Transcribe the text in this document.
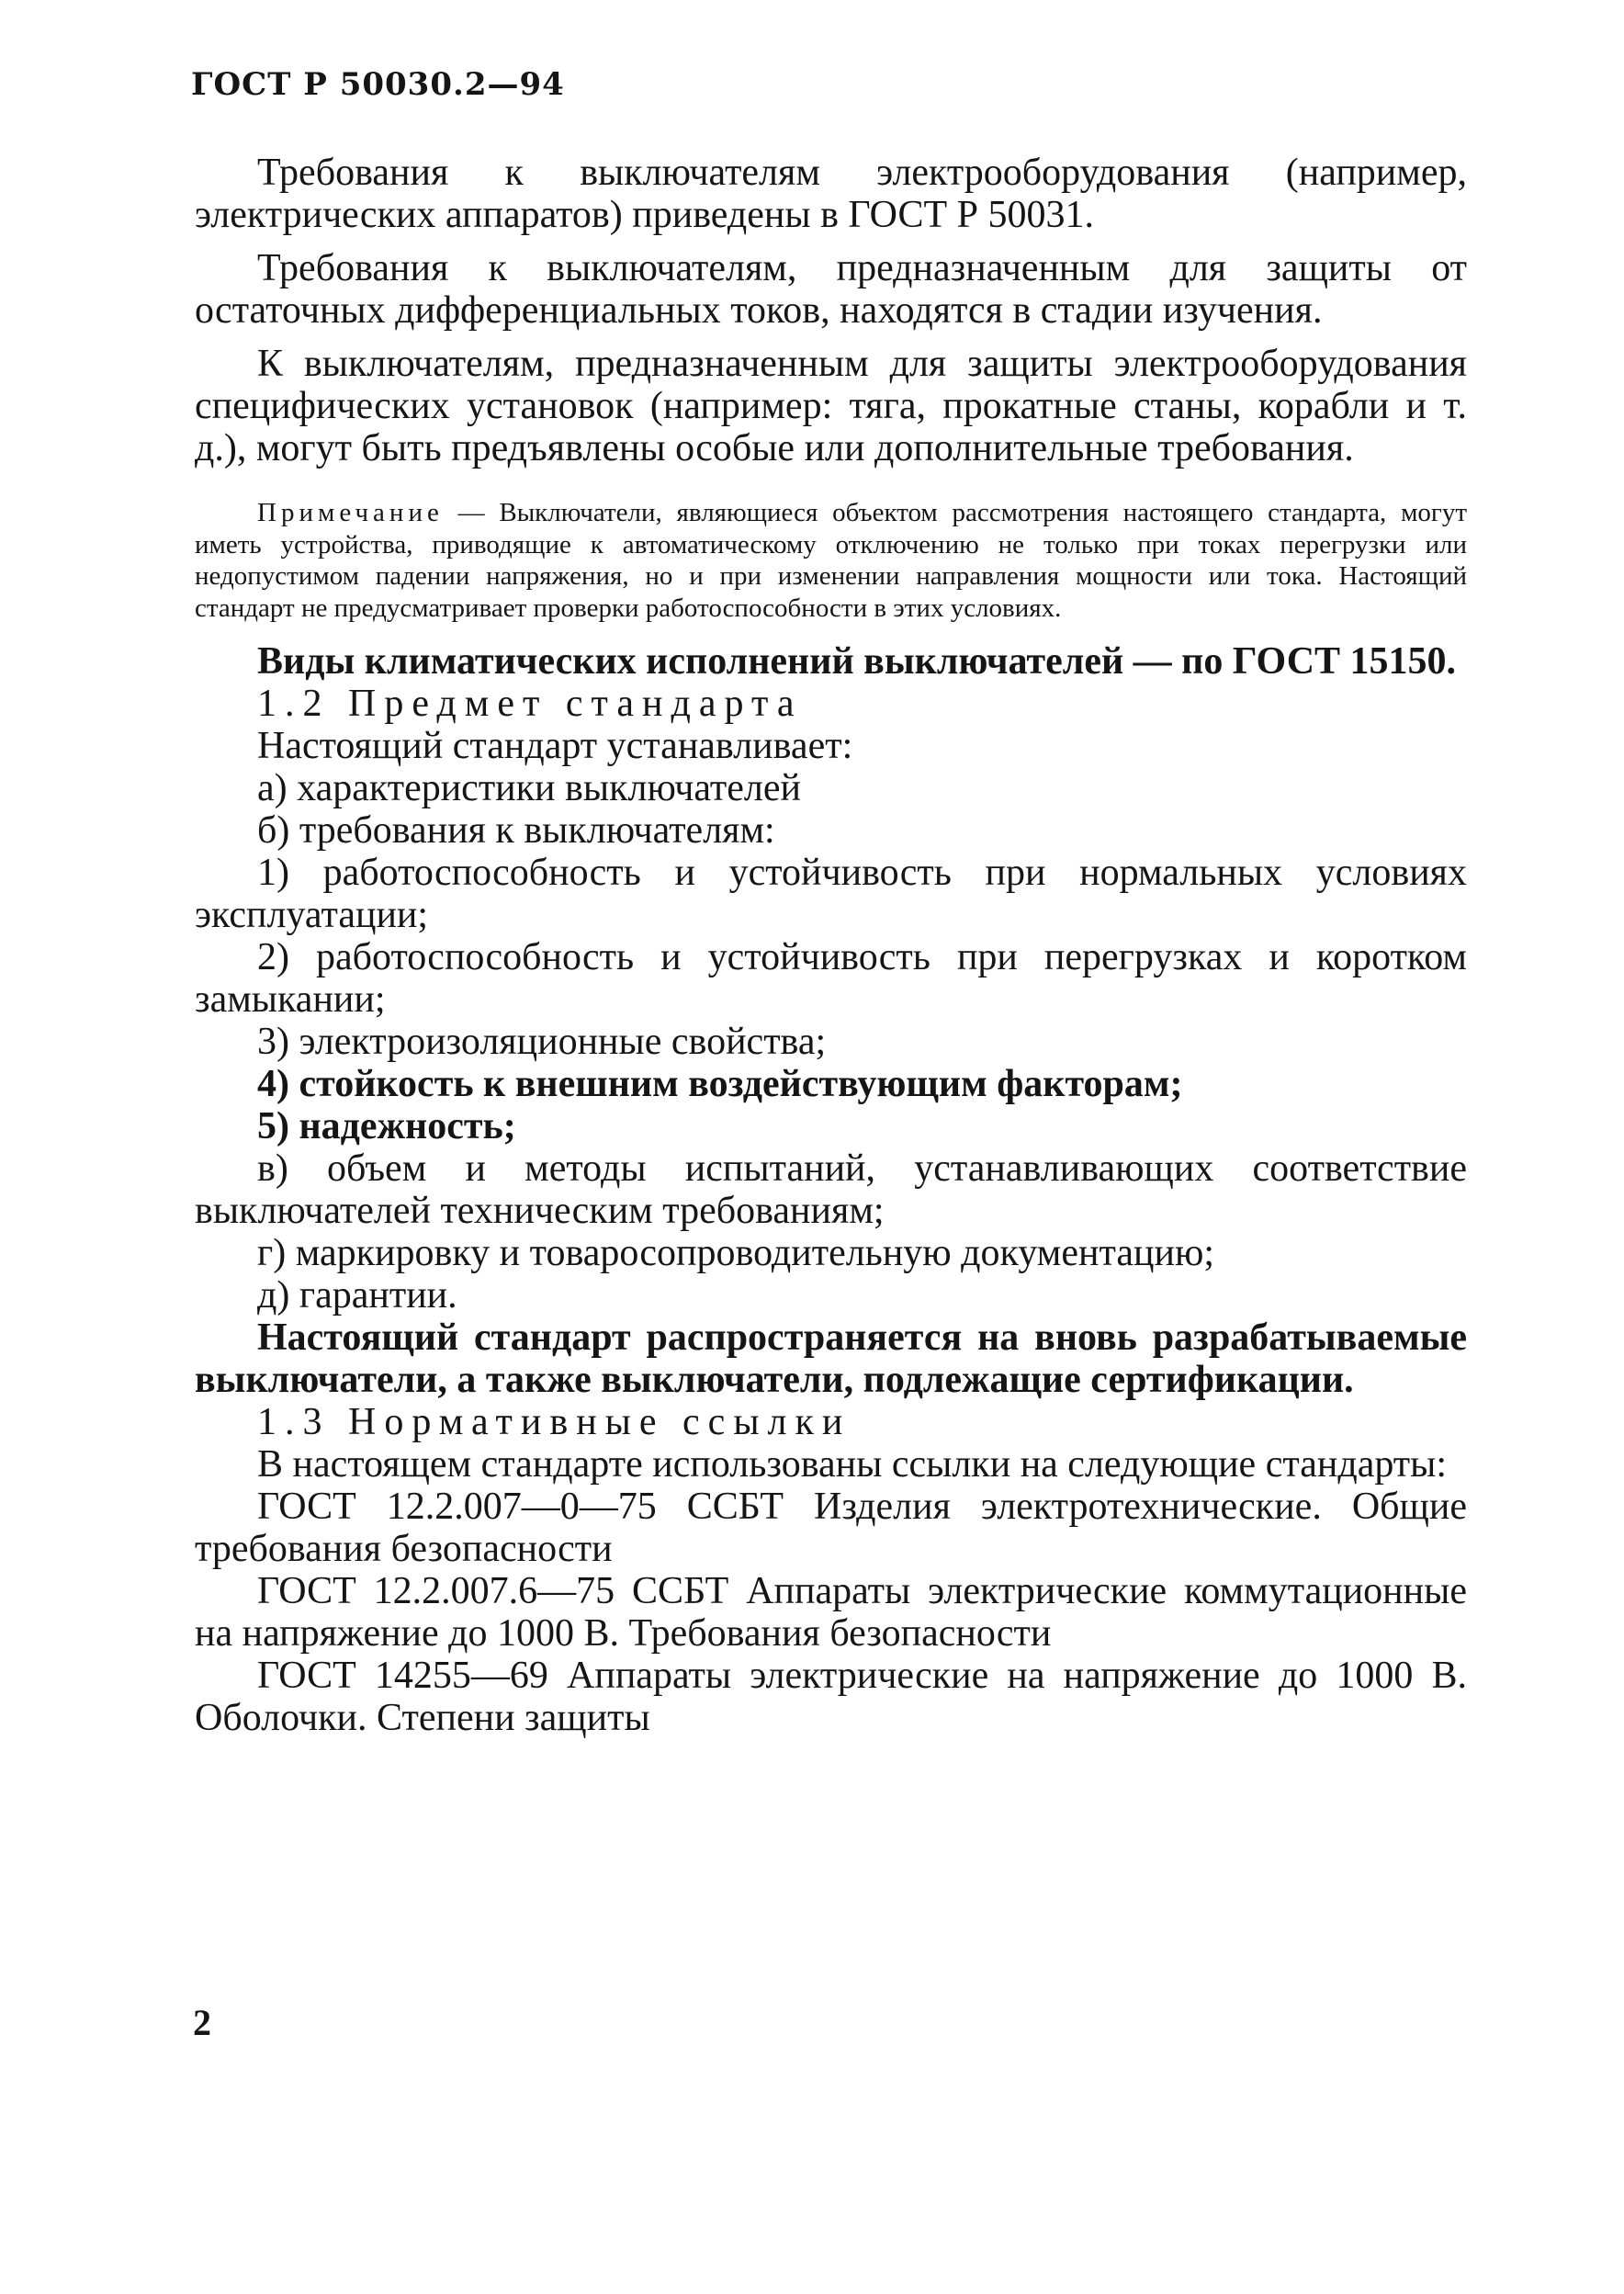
ГОСТ Р 50030.2—94

Требования к выключателям электрооборудования (например, электрических аппаратов) приведены в ГОСТ Р 50031.

Требования к выключателям, предназначенным для защиты от остаточных дифференциальных токов, находятся в стадии изучения.

К выключателям, предназначенным для защиты электрооборудования специфических установок (например: тяга, прокатные станы, корабли и т. д.), могут быть предъявлены особые или дополнительные требования.

Примечание — Выключатели, являющиеся объектом рассмотрения настоящего стандарта, могут иметь устройства, приводящие к автоматическому отключению не только при токах перегрузки или недопустимом падении напряжения, но и при изменении направления мощности или тока. Настоящий стандарт не предусматривает проверки работоспособности в этих условиях.

Виды климатических исполнений выключателей — по ГОСТ 15150.

1.2 Предмет стандарта

Настоящий стандарт устанавливает:

а) характеристики выключателей

б) требования к выключателям:

1) работоспособность и устойчивость при нормальных условиях эксплуатации;

2) работоспособность и устойчивость при перегрузках и коротком замыкании;

3) электроизоляционные свойства;

4) стойкость к внешним воздействующим факторам;

5) надежность;

в) объем и методы испытаний, устанавливающих соответствие выключателей техническим требованиям;

г) маркировку и товаросопроводительную документацию;

д) гарантии.

Настоящий стандарт распространяется на вновь разрабатываемые выключатели, а также выключатели, подлежащие сертификации.

1.3 Нормативные ссылки

В настоящем стандарте использованы ссылки на следующие стандарты:

ГОСТ 12.2.007—0—75 ССБТ Изделия электротехнические. Общие требования безопасности

ГОСТ 12.2.007.6—75 ССБТ Аппараты электрические коммутационные на напряжение до 1000 В. Требования безопасности

ГОСТ 14255—69 Аппараты электрические на напряжение до 1000 В. Оболочки. Степени защиты

2
